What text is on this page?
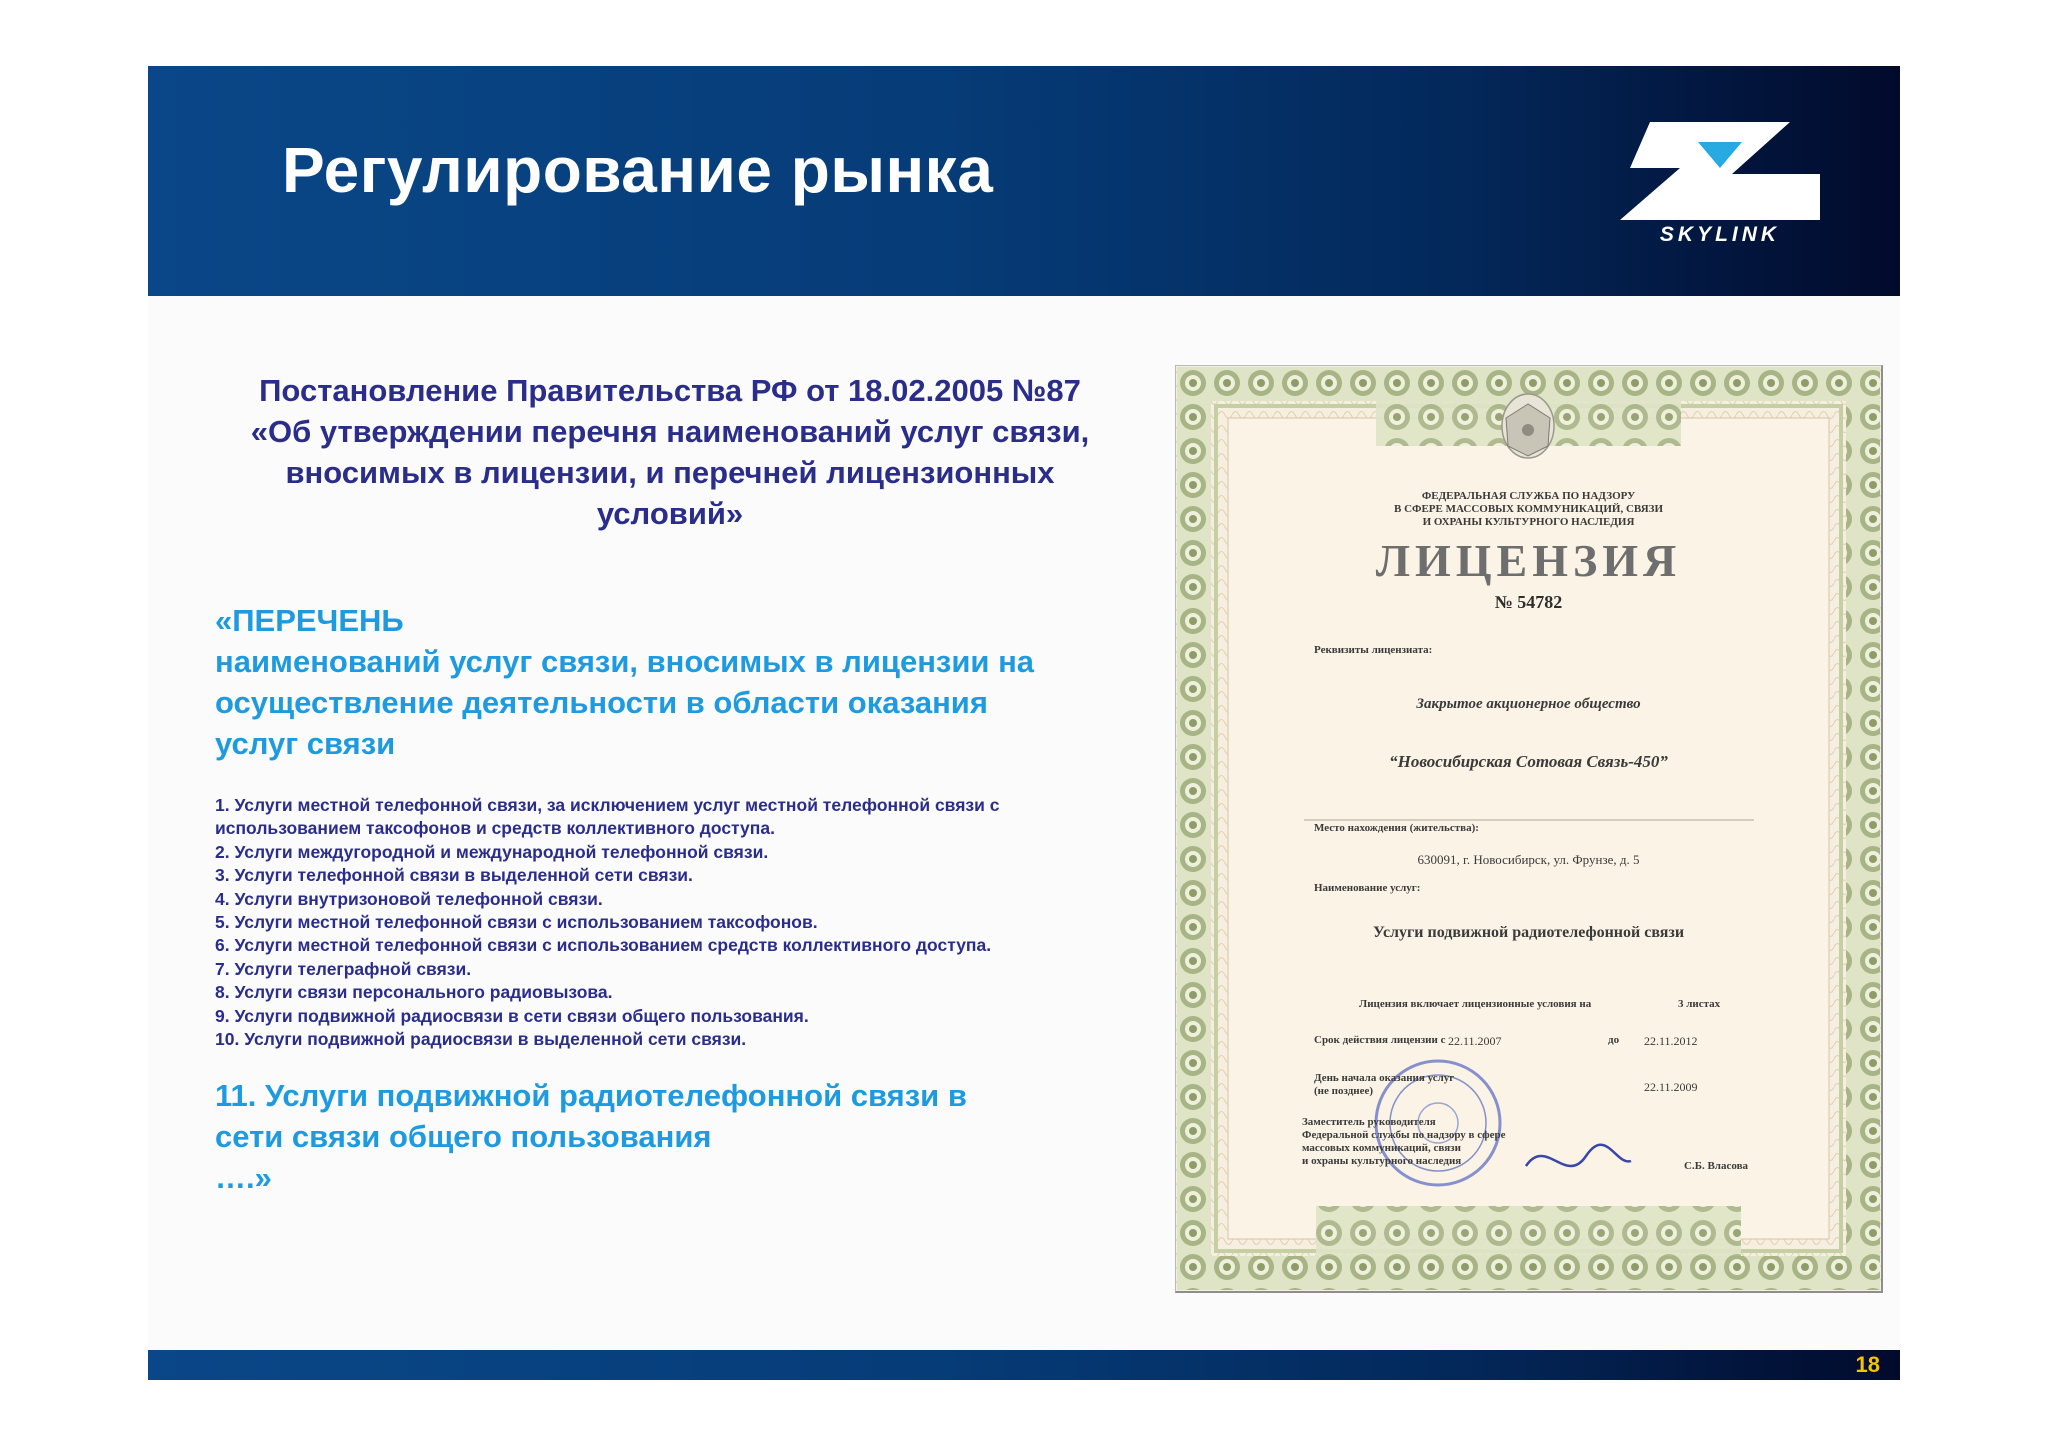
Регулирование рынка
SKYLINK
Постановление Правительства РФ от 18.02.2005 №87
«Об утверждении перечня наименований услуг связи,
вносимых в лицензии, и перечней лицензионных
условий»
«ПЕРЕЧЕНЬ
наименований услуг связи, вносимых в лицензии на
осуществление деятельности в области оказания
услуг связи
1. Услуги местной телефонной связи, за исключением услуг местной телефонной связи с
использованием таксофонов и средств коллективного доступа.
2. Услуги междугородной и международной телефонной связи.
3. Услуги телефонной связи в выделенной сети связи.
4. Услуги внутризоновой телефонной связи.
5. Услуги местной телефонной связи с использованием таксофонов.
6. Услуги местной телефонной связи с использованием средств коллективного доступа.
7. Услуги телеграфной связи.
8. Услуги связи персонального радиовызова.
9. Услуги подвижной радиосвязи в сети связи общего пользования.
10. Услуги подвижной радиосвязи в выделенной сети связи.
11. Услуги подвижной радиотелефонной связи в
сети связи общего пользования
….»

ФЕДЕРАЛЬНАЯ СЛУЖБА ПО НАДЗОРУ

В СФЕРЕ МАССОВЫХ КОММУНИКАЦИЙ, СВЯЗИ

И ОХРАНЫ КУЛЬТУРНОГО НАСЛЕДИЯ

ЛИЦЕНЗИЯ

№ 54782

Реквизиты лицензиата:

Закрытое акционерное общество

“Новосибирская Сотовая Связь-450”

Место нахождения (жительства):

630091, г. Новосибирск, ул. Фрунзе, д. 5

Наименование услуг:

Услуги подвижной радиотелефонной связи

Лицензия включает лицензионные условия на	3 листах

Срок действия лицензии с 22.11.2007	до 22.11.2012

День начала оказания услуг

(не позднее)	22.11.2009

Заместитель руководителя

Федеральной службы по надзору в сфере

массовых коммуникаций, связи

и охраны культурного наследия	С.Б. Власова

18
